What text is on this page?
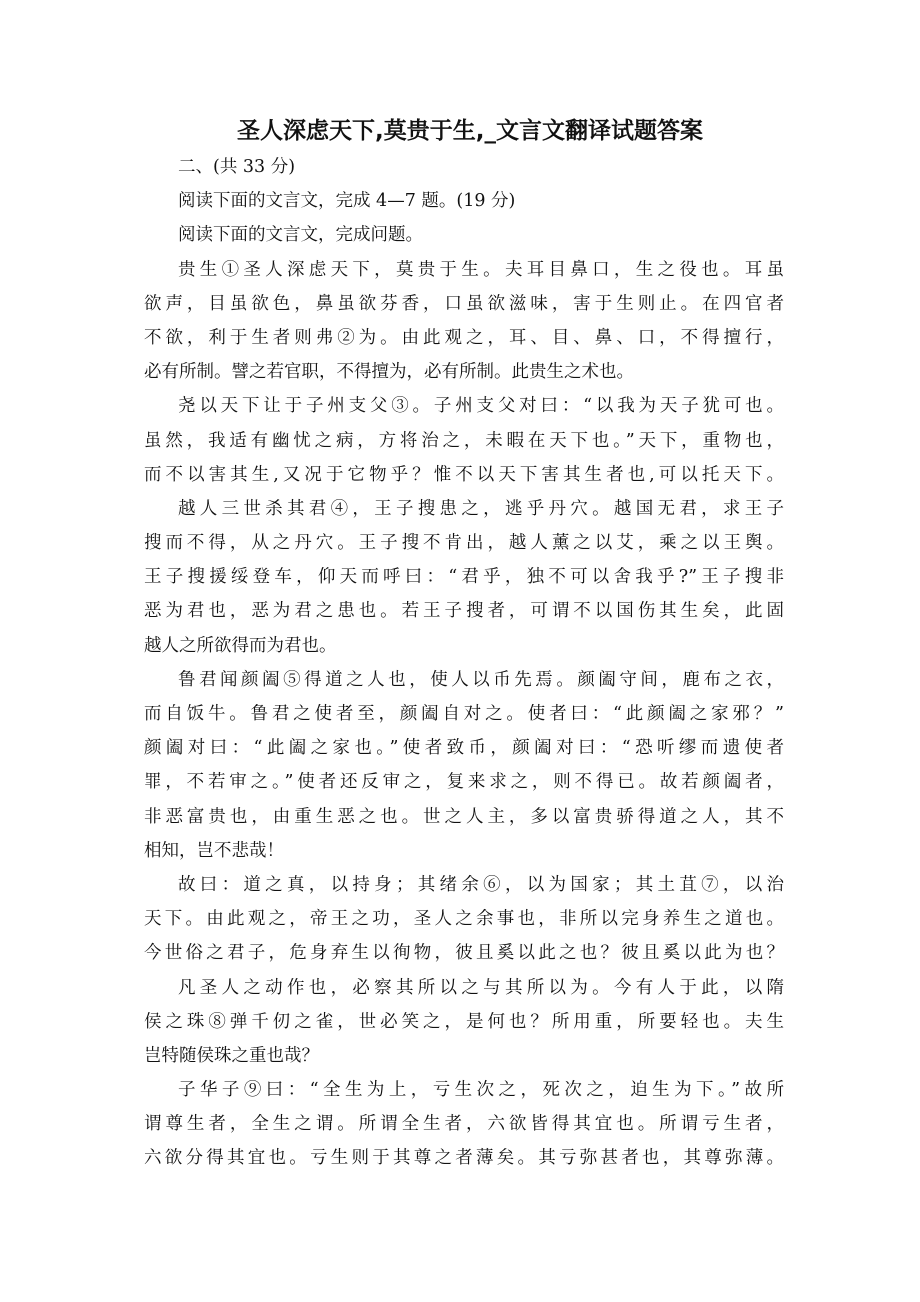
圣人深虑天下,莫贵于生,_文言文翻译试题答案
二、(共 33 分)
阅读下面的文言文，完成 4—7 题。(19 分)
阅读下面的文言文，完成问题。
贵生①圣人深虑天下，莫贵于生。夫耳目鼻口，生之役也。耳虽
欲声，目虽欲色，鼻虽欲芬香，口虽欲滋味，害于生则止。在四官者
不欲，利于生者则弗②为。由此观之，耳、目、鼻、口，不得擅行，
必有所制。譬之若官职，不得擅为，必有所制。此贵生之术也。
尧以天下让于子州支父③。子州支父对曰：“以我为天子犹可也。
虽然，我适有幽忧之病，方将治之，未暇在天下也。”天下，重物也，
而不以害其生,又况于它物乎？惟不以天下害其生者也,可以托天下。
越人三世杀其君④，王子搜患之，逃乎丹穴。越国无君，求王子
搜而不得，从之丹穴。王子搜不肯出，越人薰之以艾，乘之以王舆。
王子搜援绥登车，仰天而呼曰：“君乎，独不可以舍我乎?”王子搜非
恶为君也，恶为君之患也。若王子搜者，可谓不以国伤其生矣，此固
越人之所欲得而为君也。
鲁君闻颜阖⑤得道之人也，使人以币先焉。颜阖守间，鹿布之衣，
而自饭牛。鲁君之使者至，颜阖自对之。使者曰：“此颜阖之家邪？”
颜阖对曰：“此阖之家也。”使者致币，颜阖对曰：“恐听缪而遗使者
罪，不若审之。”使者还反审之，复来求之，则不得已。故若颜阖者，
非恶富贵也，由重生恶之也。世之人主，多以富贵骄得道之人，其不
相知，岂不悲哉！
故曰：道之真，以持身；其绪余⑥，以为国家；其土苴⑦，以治
天下。由此观之，帝王之功，圣人之余事也，非所以完身养生之道也。
今世俗之君子，危身弃生以徇物，彼且奚以此之也？彼且奚以此为也？
凡圣人之动作也，必察其所以之与其所以为。今有人于此，以隋
侯之珠⑧弹千仞之雀，世必笑之，是何也？所用重，所要轻也。夫生
岂特随侯珠之重也哉？
子华子⑨曰：“全生为上，亏生次之，死次之，迫生为下。”故所
谓尊生者，全生之谓。所谓全生者，六欲皆得其宜也。所谓亏生者，
六欲分得其宜也。亏生则于其尊之者薄矣。其亏弥甚者也，其尊弥薄。
